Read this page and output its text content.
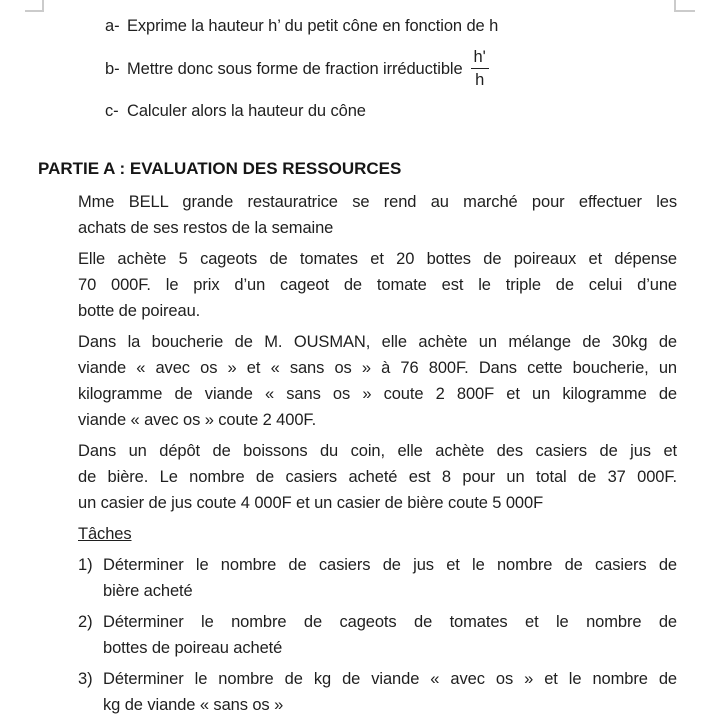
a- Exprime la hauteur h’ du petit cône en fonction de h
b- Mettre donc sous forme de fraction irréductible $\frac{h'}{h}$
c- Calculer alors la hauteur du cône
PARTIE A : EVALUATION DES RESSOURCES
Mme BELL grande restauratrice se rend au marché pour effectuer les
achats de ses restos de la semaine
Elle achète 5 cageots de tomates et 20 bottes de poireaux et dépense
70 000F. le prix d’un cageot de tomate est le triple de celui d’une
botte de poireau.
Dans la boucherie de M. OUSMAN, elle achète un mélange de 30kg de
viande « avec os » et « sans os » à 76 800F. Dans cette boucherie, un
kilogramme de viande « sans os » coute 2 800F et un kilogramme de
viande « avec os » coute 2 400F.
Dans un dépôt de boissons du coin, elle achète des casiers de jus et
de bière. Le nombre de casiers acheté est 8 pour un total de 37 000F.
un casier de jus coute 4 000F et un casier de bière coute 5 000F
Tâches
1) Déterminer le nombre de casiers de jus et le nombre de casiers de
bière acheté
2) Déterminer le nombre de cageots de tomates et le nombre de
bottes de poireau acheté
3) Déterminer le nombre de kg de viande « avec os » et le nombre de
kg de viande « sans os »
